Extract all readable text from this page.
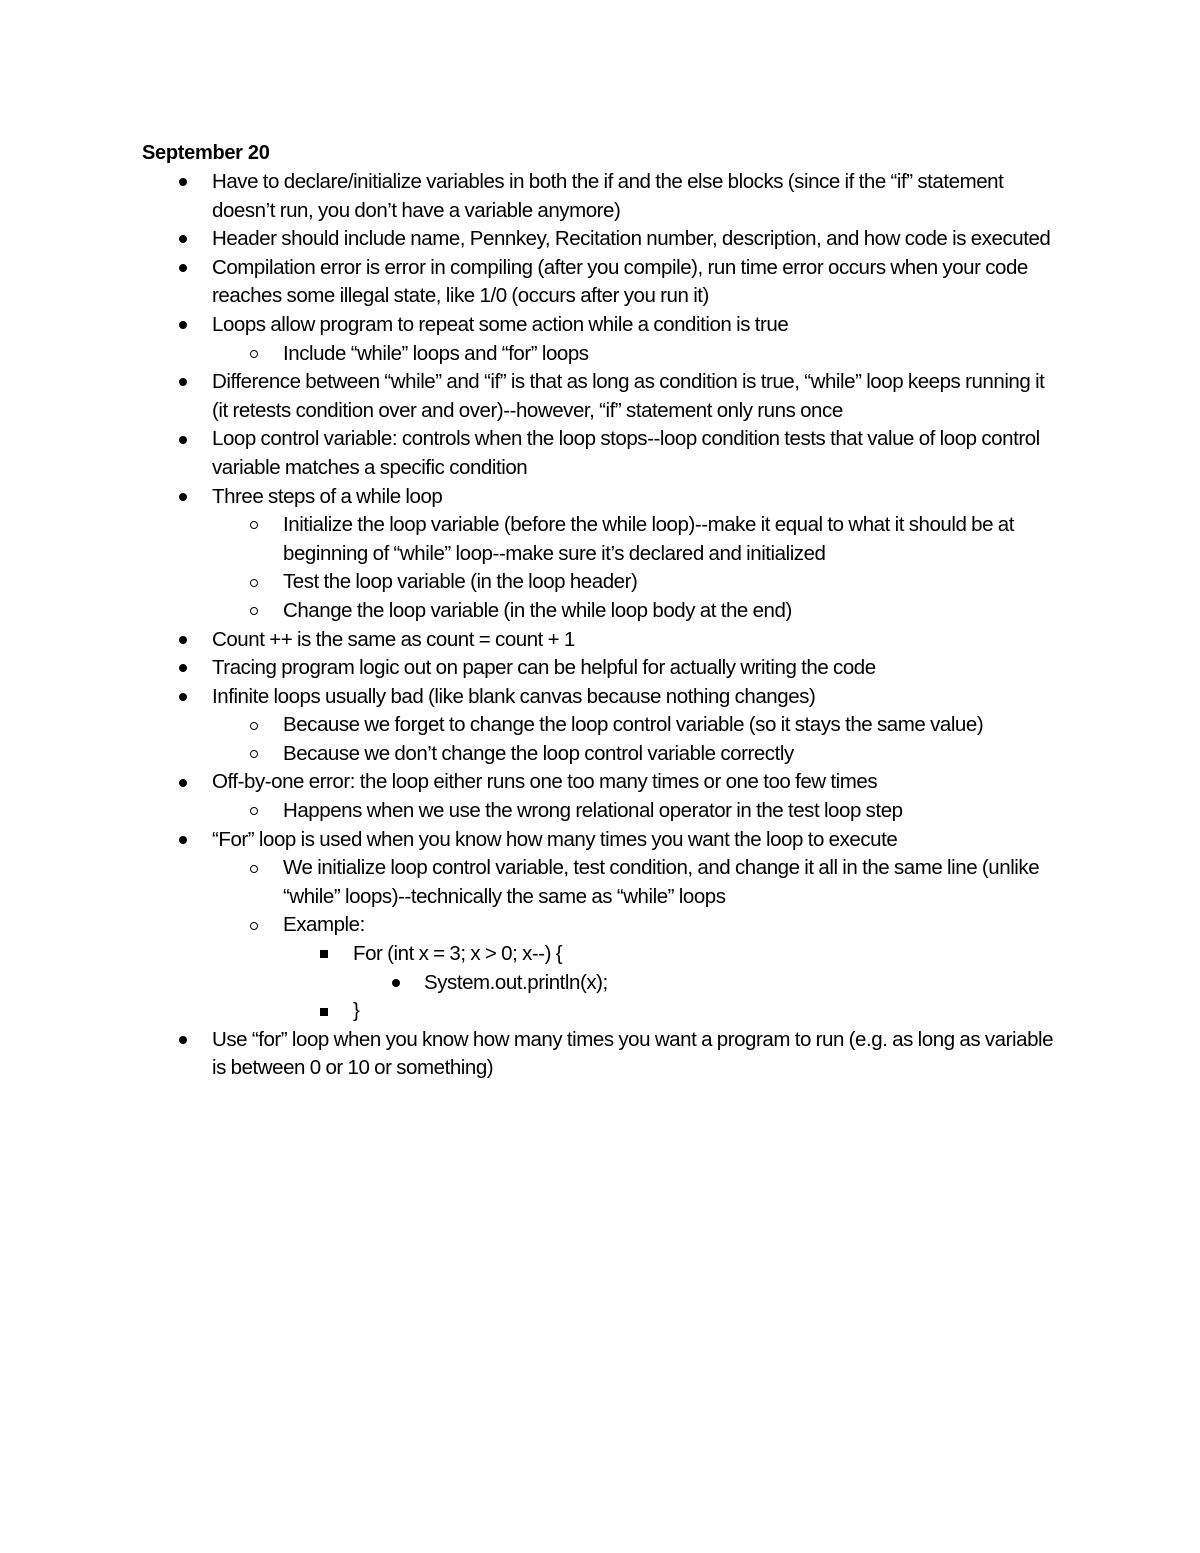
September 20
Have to declare/initialize variables in both the if and the else blocks (since if the “if” statement doesn’t run, you don’t have a variable anymore)
Header should include name, Pennkey, Recitation number, description, and how code is executed
Compilation error is error in compiling (after you compile), run time error occurs when your code reaches some illegal state, like 1/0 (occurs after you run it)
Loops allow program to repeat some action while a condition is true
Include “while” loops and “for” loops
Difference between “while” and “if” is that as long as condition is true, “while” loop keeps running it (it retests condition over and over)--however, “if” statement only runs once
Loop control variable: controls when the loop stops--loop condition tests that value of loop control variable matches a specific condition
Three steps of a while loop
Initialize the loop variable (before the while loop)--make it equal to what it should be at beginning of “while” loop--make sure it’s declared and initialized
Test the loop variable (in the loop header)
Change the loop variable (in the while loop body at the end)
Count ++ is the same as count = count + 1
Tracing program logic out on paper can be helpful for actually writing the code
Infinite loops usually bad (like blank canvas because nothing changes)
Because we forget to change the loop control variable (so it stays the same value)
Because we don’t change the loop control variable correctly
Off-by-one error: the loop either runs one too many times or one too few times
Happens when we use the wrong relational operator in the test loop step
“For” loop is used when you know how many times you want the loop to execute
We initialize loop control variable, test condition, and change it all in the same line (unlike “while” loops)--technically the same as “while” loops
Example:
For (int x = 3; x > 0; x--) {
System.out.println(x);
}
Use “for” loop when you know how many times you want a program to run (e.g. as long as variable is between 0 or 10 or something)
